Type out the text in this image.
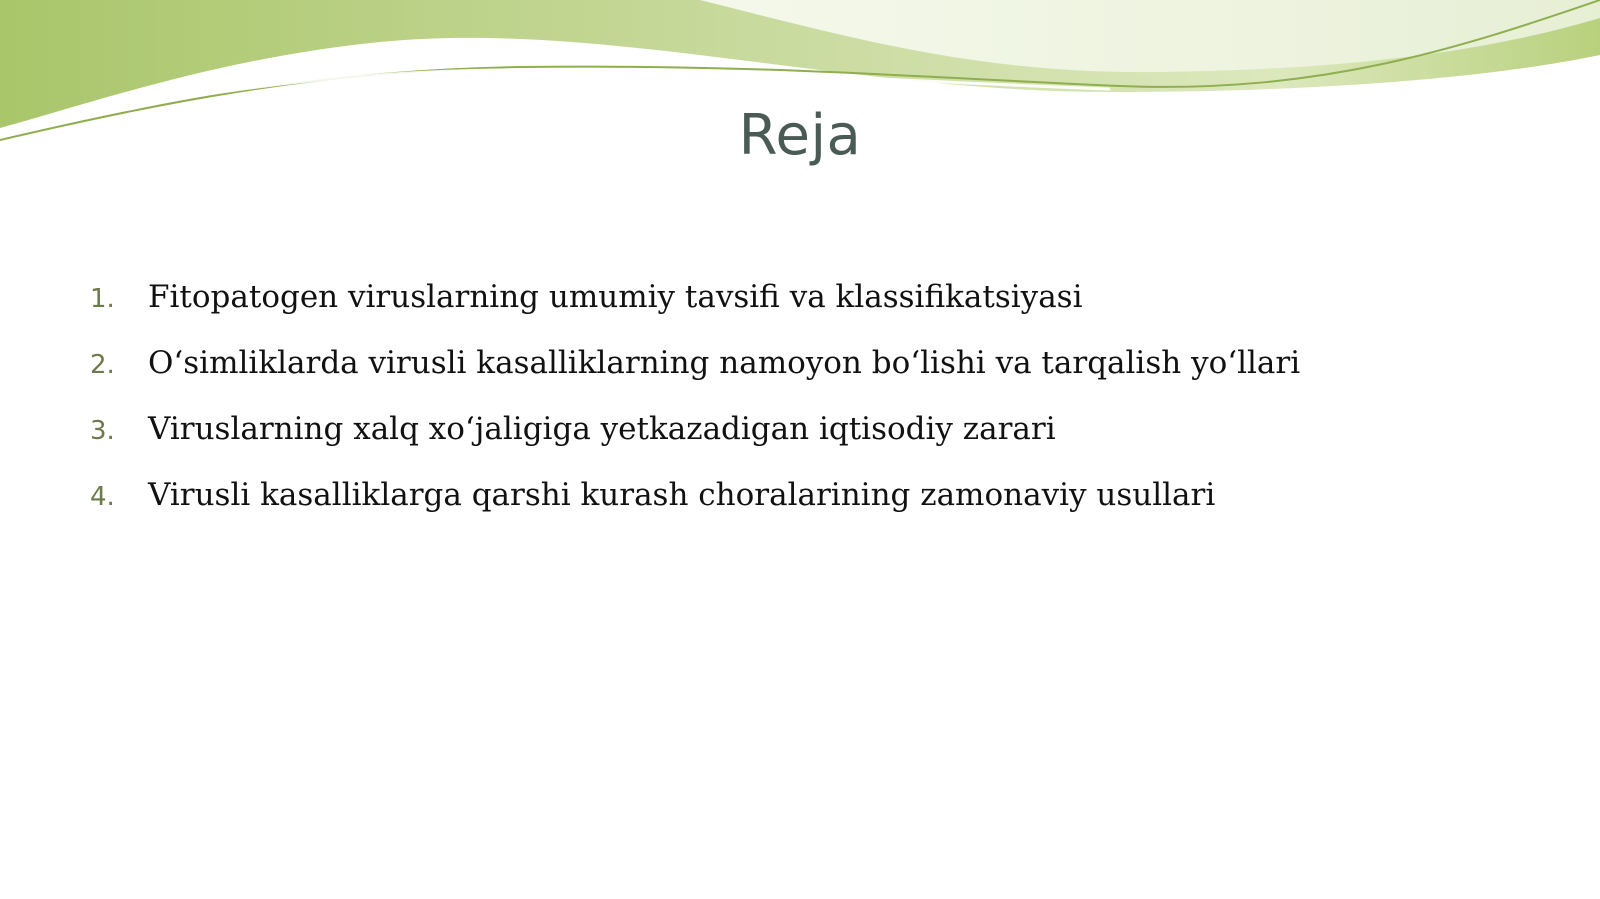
Reja
1.	Fitopatogen viruslarning umumiy tavsifi va klassifikatsiyasi
2.	O‘simliklarda virusli kasalliklarning namoyon bo‘lishi va tarqalish yo‘llari
3.	Viruslarning xalq xo‘jaligiga yetkazadigan iqtisodiy zarari
4.	Virusli kasalliklarga qarshi kurash choralarining zamonaviy usullari
